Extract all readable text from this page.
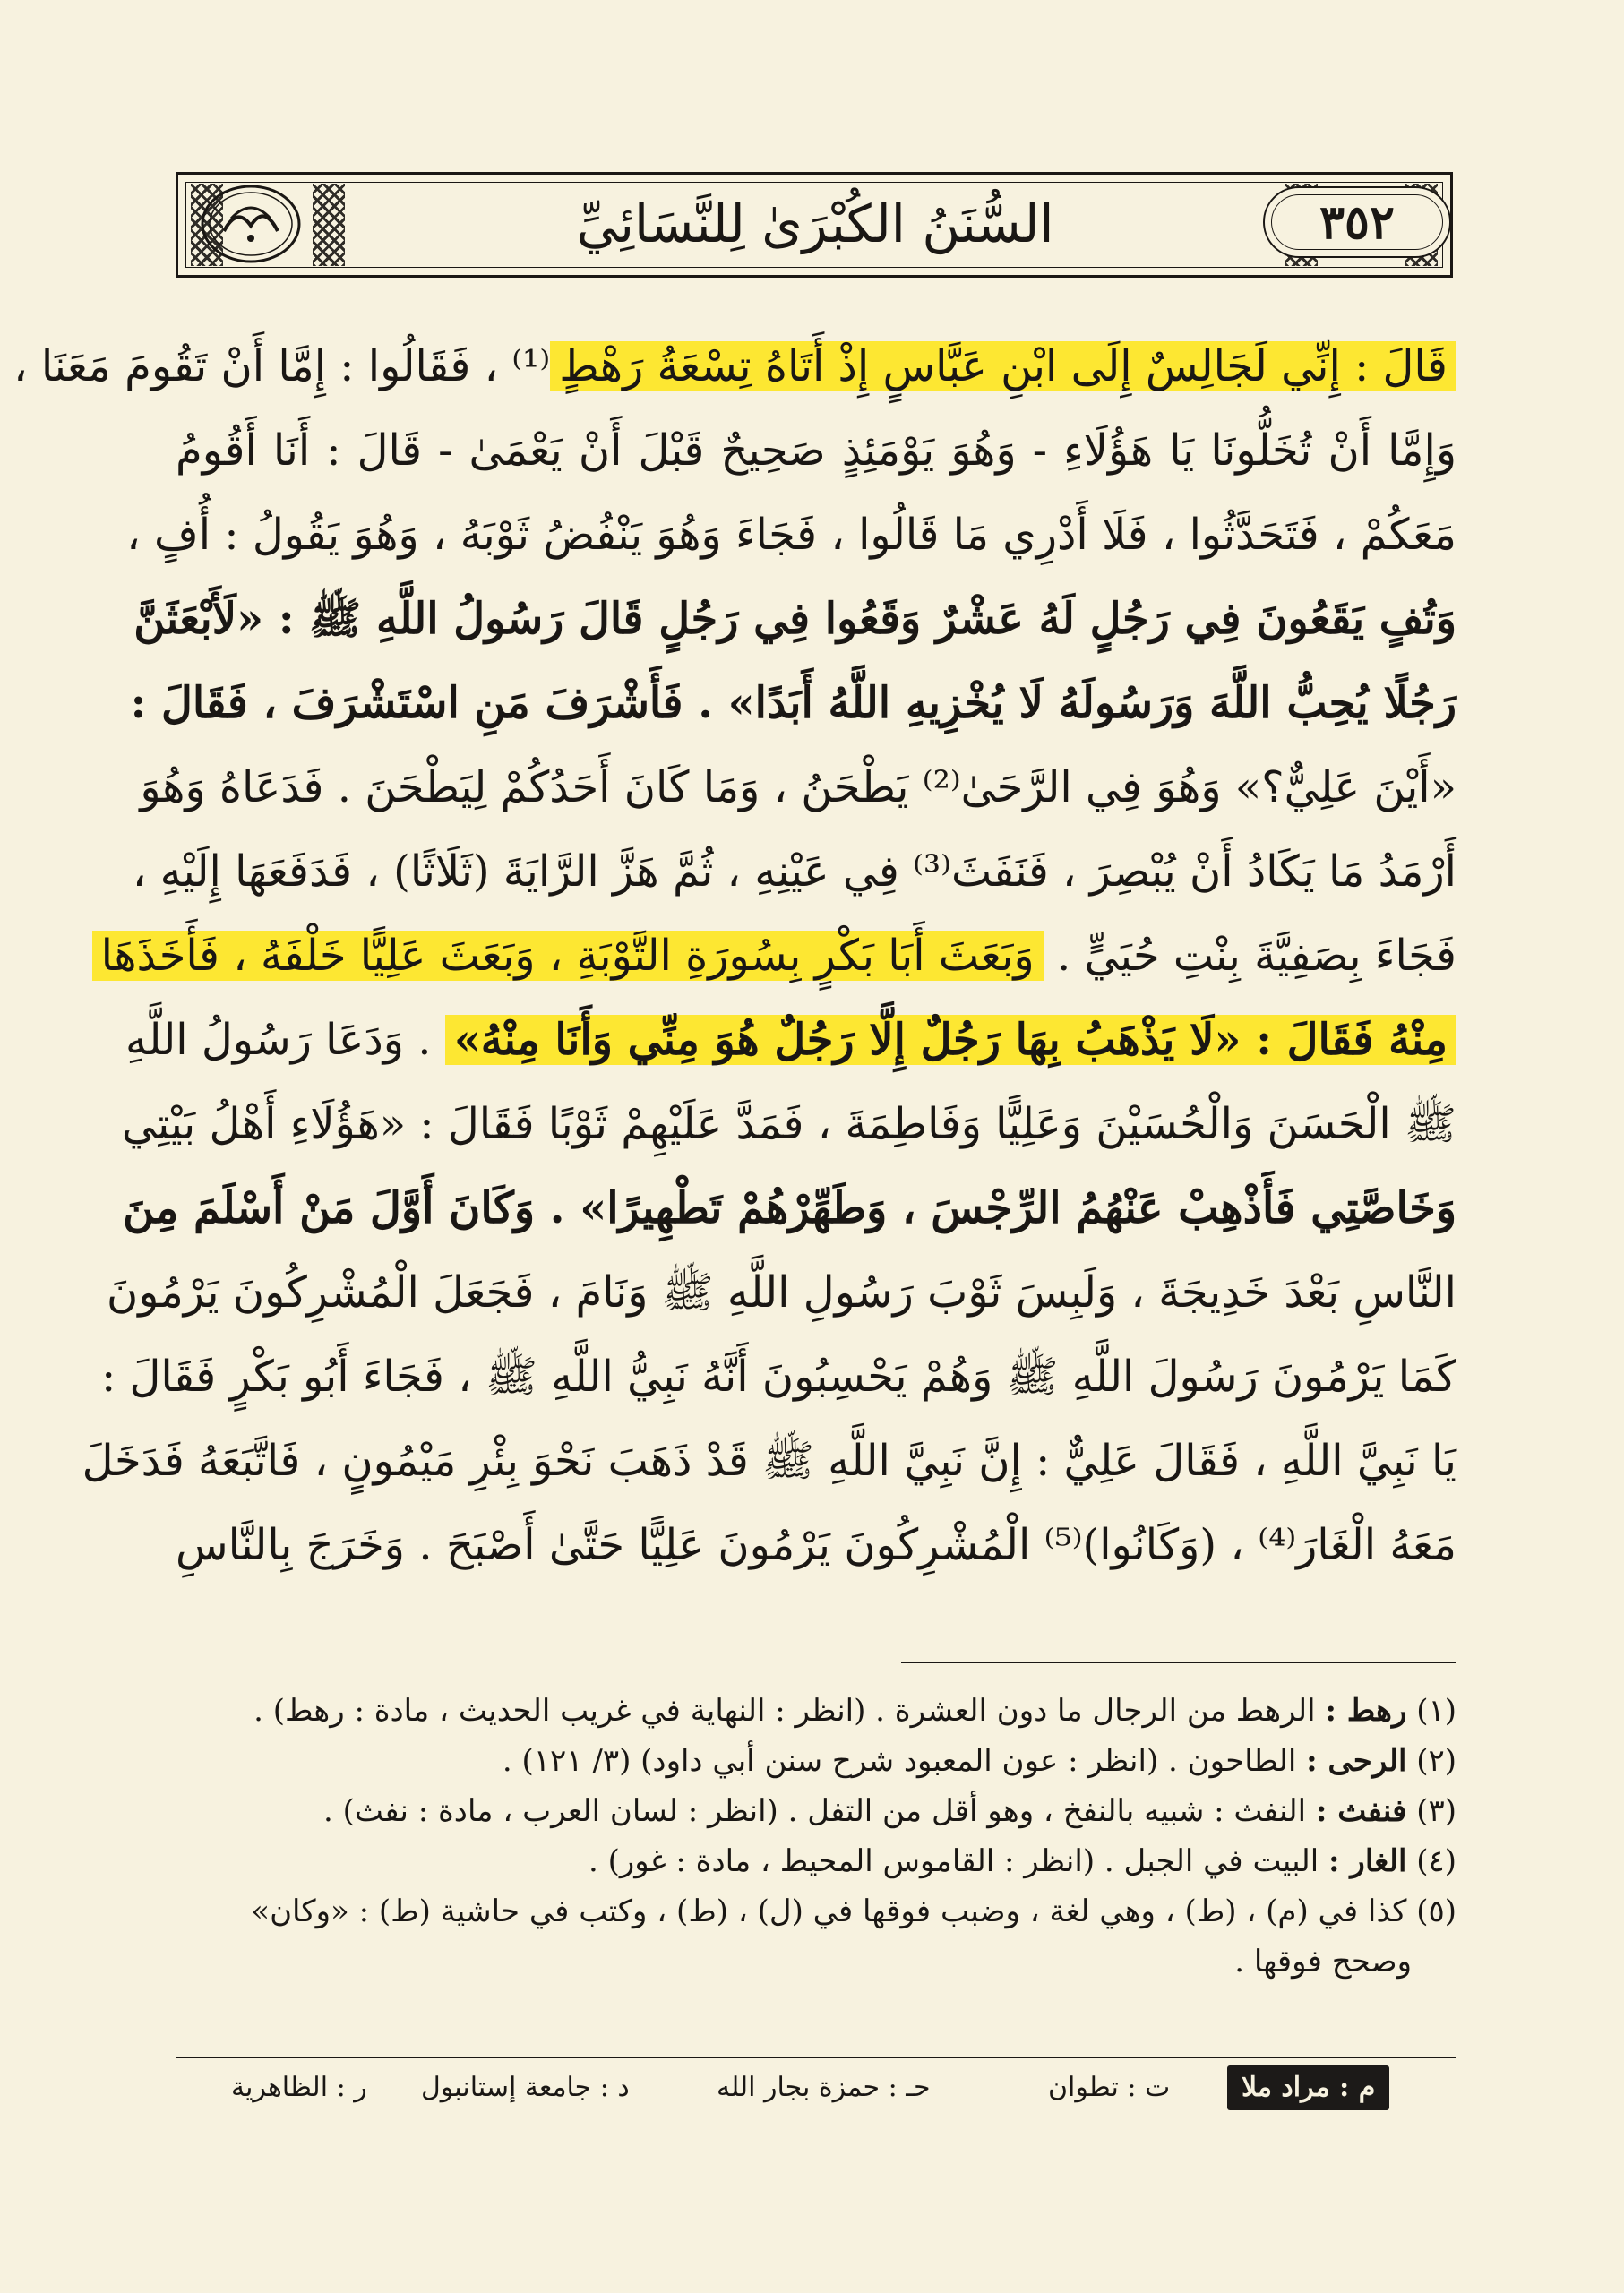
٣٥٢
السُّنَنُ الكُبْرَىٰ لِلنَّسَائِيِّ
قَالَ : إِنِّي لَجَالِسٌ إِلَى ابْنِ عَبَّاسٍ إِذْ أَتَاهُ تِسْعَةُ رَهْطٍ⁽¹⁾ ، فَقَالُوا : إِمَّا أَنْ تَقُومَ مَعَنَا ،
وَإِمَّا أَنْ تُخَلُّونَا يَا هَؤُلَاءِ - وَهُوَ يَوْمَئِذٍ صَحِيحٌ قَبْلَ أَنْ يَعْمَىٰ - قَالَ : أَنَا أَقُومُ
مَعَكُمْ ، فَتَحَدَّثُوا ، فَلَا أَدْرِي مَا قَالُوا ، فَجَاءَ وَهُوَ يَنْفُضُ ثَوْبَهُ ، وَهُوَ يَقُولُ : أُفٍ ،
وَتُفٍ يَقَعُونَ فِي رَجُلٍ لَهُ عَشْرٌ وَقَعُوا فِي رَجُلٍ قَالَ رَسُولُ اللَّهِ ﷺ : «لَأَبْعَثَنَّ
رَجُلًا يُحِبُّ اللَّهَ وَرَسُولَهُ لَا يُخْزِيهِ اللَّهُ أَبَدًا» . فَأَشْرَفَ مَنِ اسْتَشْرَفَ ، فَقَالَ :
«أَيْنَ عَلِيٌّ؟» وَهُوَ فِي الرَّحَىٰ⁽²⁾ يَطْحَنُ ، وَمَا كَانَ أَحَدُكُمْ لِيَطْحَنَ . فَدَعَاهُ وَهُوَ
أَرْمَدُ مَا يَكَادُ أَنْ يُبْصِرَ ، فَنَفَثَ⁽³⁾ فِي عَيْنِهِ ، ثُمَّ هَزَّ الرَّايَةَ (ثَلَاثًا) ، فَدَفَعَهَا إِلَيْهِ ،
فَجَاءَ بِصَفِيَّةَ بِنْتِ حُيَيٍّ . وَبَعَثَ أَبَا بَكْرٍ بِسُورَةِ التَّوْبَةِ ، وَبَعَثَ عَلِيًّا خَلْفَهُ ، فَأَخَذَهَا
مِنْهُ فَقَالَ : «لَا يَذْهَبُ بِهَا رَجُلٌ إِلَّا رَجُلٌ هُوَ مِنِّي وَأَنَا مِنْهُ» . وَدَعَا رَسُولُ اللَّهِ
ﷺ الْحَسَنَ وَالْحُسَيْنَ وَعَلِيًّا وَفَاطِمَةَ ، فَمَدَّ عَلَيْهِمْ ثَوْبًا فَقَالَ : «هَؤُلَاءِ أَهْلُ بَيْتِي
وَخَاصَّتِي فَأَذْهِبْ عَنْهُمُ الرِّجْسَ ، وَطَهِّرْهُمْ تَطْهِيرًا» . وَكَانَ أَوَّلَ مَنْ أَسْلَمَ مِنَ
النَّاسِ بَعْدَ خَدِيجَةَ ، وَلَبِسَ ثَوْبَ رَسُولِ اللَّهِ ﷺ وَنَامَ ، فَجَعَلَ الْمُشْرِكُونَ يَرْمُونَ
كَمَا يَرْمُونَ رَسُولَ اللَّهِ ﷺ وَهُمْ يَحْسِبُونَ أَنَّهُ نَبِيُّ اللَّهِ ﷺ ، فَجَاءَ أَبُو بَكْرٍ فَقَالَ :
يَا نَبِيَّ اللَّهِ ، فَقَالَ عَلِيٌّ : إِنَّ نَبِيَّ اللَّهِ ﷺ قَدْ ذَهَبَ نَحْوَ بِئْرِ مَيْمُونٍ ، فَاتَّبَعَهُ فَدَخَلَ
مَعَهُ الْغَارَ⁽⁴⁾ ، (وَكَانُوا)⁽⁵⁾ الْمُشْرِكُونَ يَرْمُونَ عَلِيًّا حَتَّىٰ أَصْبَحَ . وَخَرَجَ بِالنَّاسِ
(١) رهط : الرهط من الرجال ما دون العشرة . (انظر : النهاية في غريب الحديث ، مادة : رهط) .
(٢) الرحى : الطاحون . (انظر : عون المعبود شرح سنن أبي داود) (٣/ ١٢١) .
(٣) فنفث : النفث : شبيه بالنفخ ، وهو أقل من التفل . (انظر : لسان العرب ، مادة : نفث) .
(٤) الغار : البيت في الجبل . (انظر : القاموس المحيط ، مادة : غور) .
(٥) كذا في (م) ، (ط) ، وهي لغة ، وضبب فوقها في (ل) ، (ط) ، وكتب في حاشية (ط) : «وكان»
وصحح فوقها .
م : مراد ملا
ت : تطوان
حـ : حمزة بجار الله
د : جامعة إستانبول
ر : الظاهرية
